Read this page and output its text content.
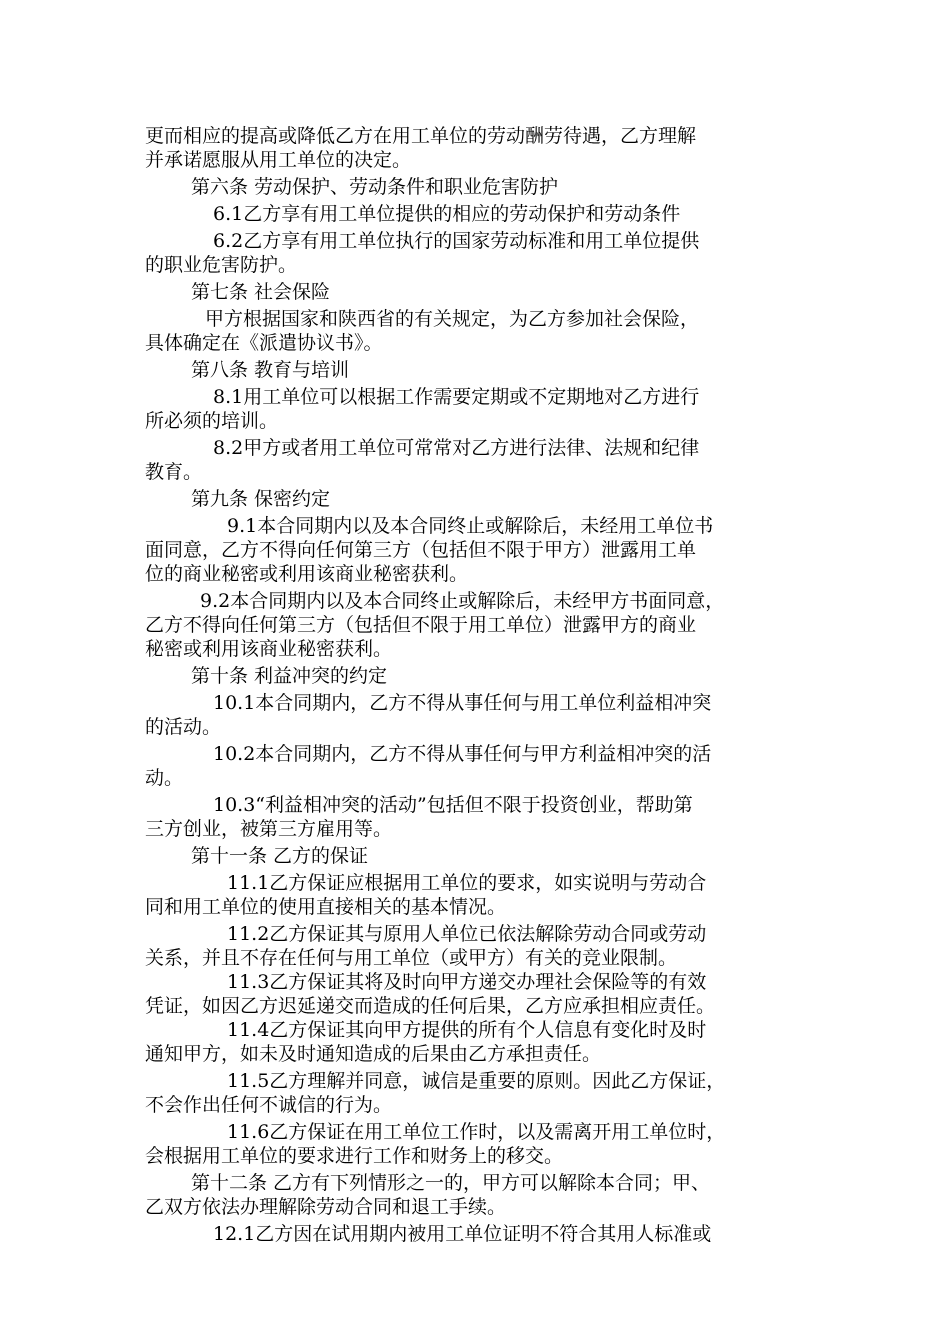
更而相应的提高或降低乙方在用工单位的劳动酬劳待遇，乙方理解
并承诺愿服从用工单位的决定。
第六条 劳动保护、劳动条件和职业危害防护
6.1乙方享有用工单位提供的相应的劳动保护和劳动条件
6.2乙方享有用工单位执行的国家劳动标准和用工单位提供
的职业危害防护。
第七条 社会保险
甲方根据国家和陕西省的有关规定，为乙方参加社会保险，
具体确定在《派遣协议书》。
第八条 教育与培训
8.1用工单位可以根据工作需要定期或不定期地对乙方进行
所必须的培训。
8.2甲方或者用工单位可常常对乙方进行法律、法规和纪律
教育。
第九条 保密约定
9.1本合同期内以及本合同终止或解除后，未经用工单位书
面同意，乙方不得向任何第三方（包括但不限于甲方）泄露用工单
位的商业秘密或利用该商业秘密获利。
9.2本合同期内以及本合同终止或解除后，未经甲方书面同意，
乙方不得向任何第三方（包括但不限于用工单位）泄露甲方的商业
秘密或利用该商业秘密获利。
第十条 利益冲突的约定
10.1本合同期内，乙方不得从事任何与用工单位利益相冲突
的活动。
10.2本合同期内，乙方不得从事任何与甲方利益相冲突的活
动。
10.3“利益相冲突的活动”包括但不限于投资创业，帮助第
三方创业，被第三方雇用等。
第十一条 乙方的保证
11.1乙方保证应根据用工单位的要求，如实说明与劳动合
同和用工单位的使用直接相关的基本情况。
11.2乙方保证其与原用人单位已依法解除劳动合同或劳动
关系，并且不存在任何与用工单位（或甲方）有关的竞业限制。
11.3乙方保证其将及时向甲方递交办理社会保险等的有效
凭证，如因乙方迟延递交而造成的任何后果，乙方应承担相应责任。
11.4乙方保证其向甲方提供的所有个人信息有变化时及时
通知甲方，如未及时通知造成的后果由乙方承担责任。
11.5乙方理解并同意，诚信是重要的原则。因此乙方保证，
不会作出任何不诚信的行为。
11.6乙方保证在用工单位工作时，以及需离开用工单位时，
会根据用工单位的要求进行工作和财务上的移交。
第十二条 乙方有下列情形之一的，甲方可以解除本合同；甲、
乙双方依法办理解除劳动合同和退工手续。
12.1乙方因在试用期内被用工单位证明不符合其用人标准或
